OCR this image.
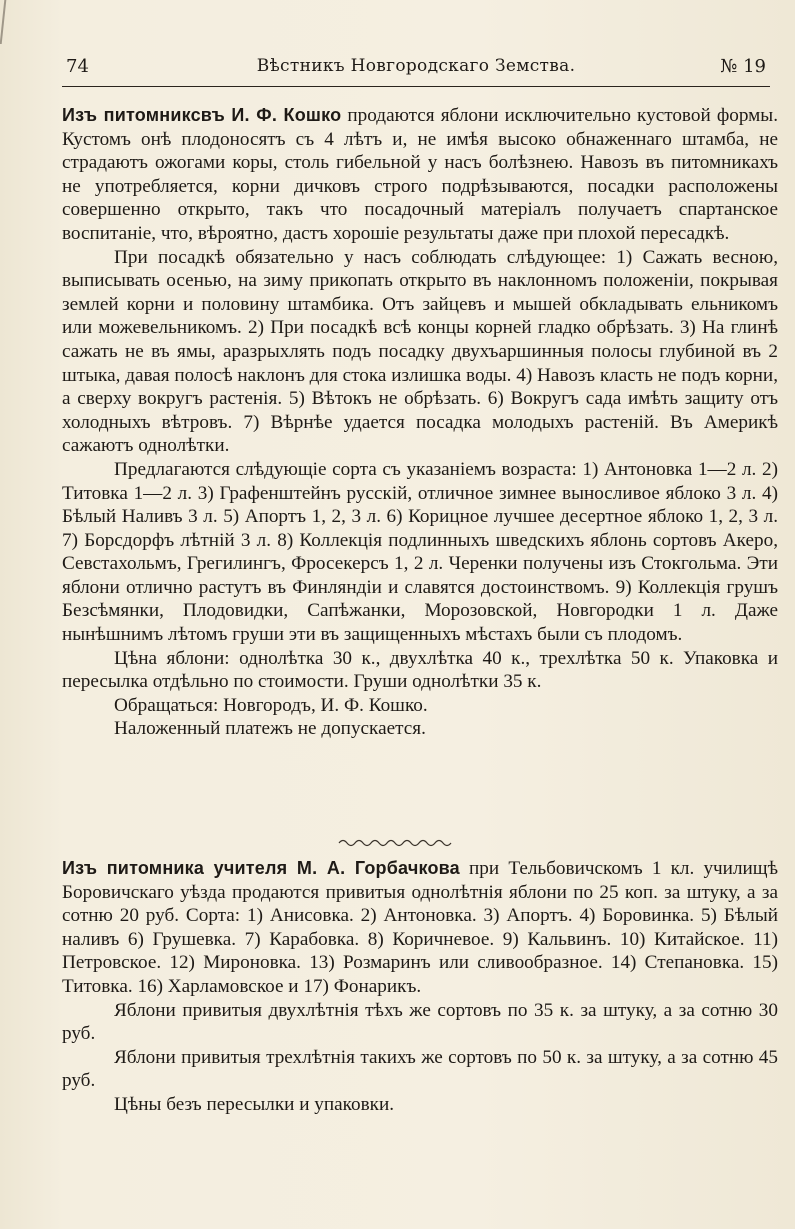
74	Вѣстникъ Новгородскаго Земства.	№ 19

Изъ питомниксвъ И. Ф. Кошко продаются яблони исключительно кустовой формы. Кустомъ онѣ плодоносятъ съ 4 лѣтъ и, не имѣя высоко обнаженнаго штамба, не страдаютъ ожогами коры, столь гибельной у насъ болѣзнею. Навозъ въ питомникахъ не употребляется, корни дичковъ строго подрѣзываются, посадки расположены совершенно открыто, такъ что посадочный матеріалъ получаетъ спартанское воспитаніе, что, вѣроятно, дастъ хорошіе результаты даже при плохой пересадкѣ.

При посадкѣ обязательно у насъ соблюдать слѣдующее: 1) Сажать весною, выписывать осенью, на зиму прикопать открыто въ наклонномъ положеніи, покрывая землей корни и половину штамбика. Отъ зайцевъ и мышей обкладывать ельникомъ или можевельникомъ. 2) При посадкѣ всѣ концы корней гладко обрѣзать. 3) На глинѣ сажать не въ ямы, аразрыхлять подъ посадку двухъаршинныя полосы глубиной въ 2 штыка, давая полосѣ наклонъ для стока излишка воды. 4) Навозъ класть не подъ корни, а сверху вокругъ растенія. 5) Вѣтокъ не обрѣзать. 6) Вокругъ сада имѣть защиту отъ холодныхъ вѣтровъ. 7) Вѣрнѣе удается посадка молодыхъ растеній. Въ Америкѣ сажаютъ однолѣтки.

Предлагаются слѣдующіе сорта съ указаніемъ возраста: 1) Антоновка 1—2 л. 2) Титовка 1—2 л. 3) Графенштейнъ русскій, отличное зимнее выносливое яблоко 3 л. 4) Бѣлый Наливъ 3 л. 5) Апортъ 1, 2, 3 л. 6) Корицное лучшее десертное яблоко 1, 2, 3 л. 7) Борсдорфъ лѣтній 3 л. 8) Коллекція подлинныхъ шведскихъ яблонь сортовъ Акеро, Севстахольмъ, Грегилингъ, Фросекерсъ 1, 2 л. Черенки получены изъ Стокгольма. Эти яблони отлично растутъ въ Финляндіи и славятся достоинствомъ. 9) Коллекція грушъ Безсѣмянки, Плодовидки, Сапѣжанки, Морозовской, Новгородки 1 л. Даже нынѣшнимъ лѣтомъ груши эти въ защищенныхъ мѣстахъ были съ плодомъ.

Цѣна яблони: однолѣтка 30 к., двухлѣтка 40 к., трехлѣтка 50 к. Упаковка и пересылка отдѣльно по стоимости. Груши однолѣтки 35 к.

Обращаться: Новгородъ, И. Ф. Кошко.

Наложенный платежъ не допускается.

Изъ питомника учителя М. А. Горбачкова при Тельбовичскомъ 1 кл. училищѣ Боровичскаго уѣзда продаются привитыя однолѣтнія яблони по 25 коп. за штуку, а за сотню 20 руб. Сорта: 1) Анисовка. 2) Антоновка. 3) Апортъ. 4) Боровинка. 5) Бѣлый наливъ 6) Грушевка. 7) Карабовка. 8) Коричневое. 9) Кальвинъ. 10) Китайское. 11) Петровское. 12) Мироновка. 13) Розмаринъ или сливообразное. 14) Степановка. 15) Титовка. 16) Харламовское и 17) Фонарикъ.

Яблони привитыя двухлѣтнія тѣхъ же сортовъ по 35 к. за штуку, а за сотню 30 руб.

Яблони привитыя трехлѣтнія такихъ же сортовъ по 50 к. за штуку, а за сотню 45 руб.

Цѣны безъ пересылки и упаковки.
